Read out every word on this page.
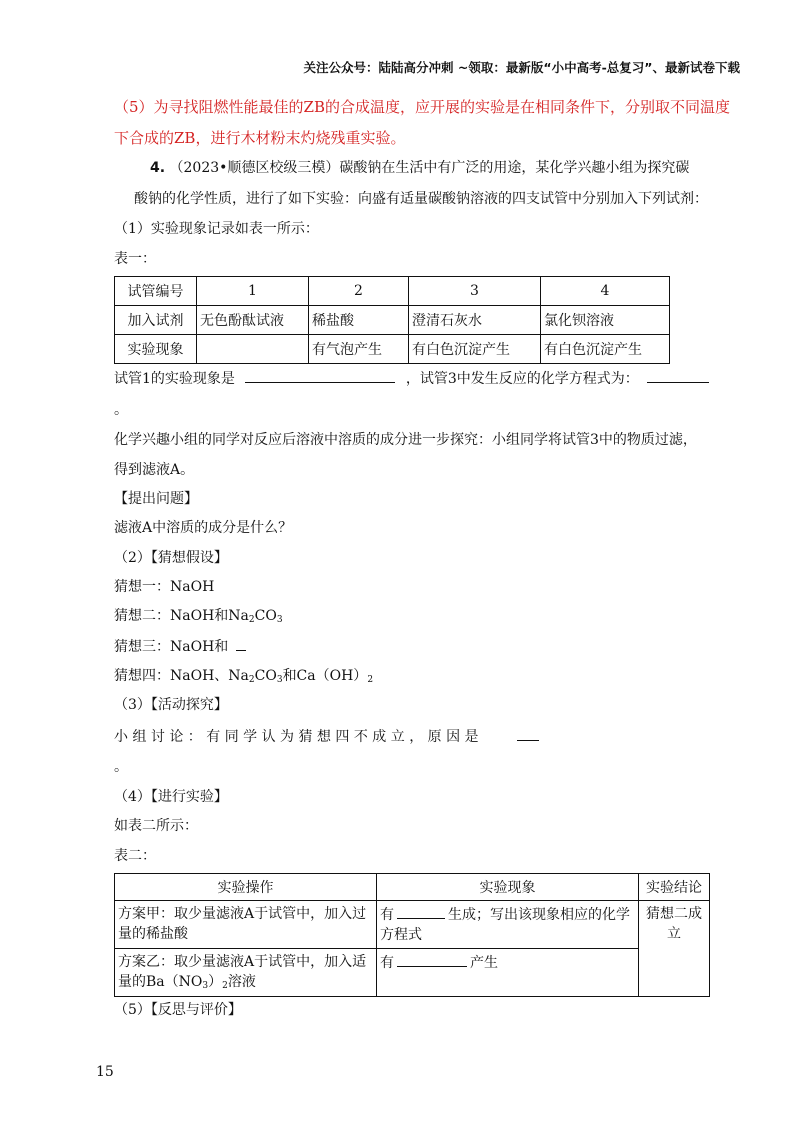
关注公众号：陆陆高分冲刺 ~领取：最新版“小中高考-总复习”、最新试卷下载
（5）为寻找阻燃性能最佳的ZB的合成温度，应开展的实验是在相同条件下，分别取不同温度
下合成的ZB，进行木材粉末灼烧残重实验。
4. （2023•顺德区校级三模）碳酸钠在生活中有广泛的用途，某化学兴趣小组为探究碳
酸钠的化学性质，进行了如下实验：向盛有适量碳酸钠溶液的四支试管中分别加入下列试剂：
（1）实验现象记录如表一所示：
表一：
试管编号	1	2	3	4
加入试剂	无色酚酞试液	稀盐酸	澄清石灰水	氯化钡溶液
实验现象		有气泡产生	有白色沉淀产生	有白色沉淀产生
试管1的实验现象是	，试管3中发生反应的化学方程式为：
。
化学兴趣小组的同学对反应后溶液中溶质的成分进一步探究：小组同学将试管3中的物质过滤，
得到滤液A。
【提出问题】
滤液A中溶质的成分是什么？
（2）【猜想假设】
猜想一：NaOH
猜想二：NaOH和$Na_2CO_3$
猜想三：NaOH和
猜想四：NaOH、$Na_2CO_3$和$Ca(OH)_2$
（3）【活动探究】
小 组 讨 论 ： 有 同 学 认 为 猜 想 四 不 成 立 ， 原 因 是
。
（4）【进行实验】
如表二所示：
表二：
实验操作	实验现象	实验结论
方案甲：取少量滤液A于试管中，加入过量的稀盐酸	有 生成；写出该现象相应的化学方程式	猜想二成立
方案乙：取少量滤液A于试管中，加入适量的$Ba(NO_3)_2$溶液	有 产生	
（5）【反思与评价】
15
